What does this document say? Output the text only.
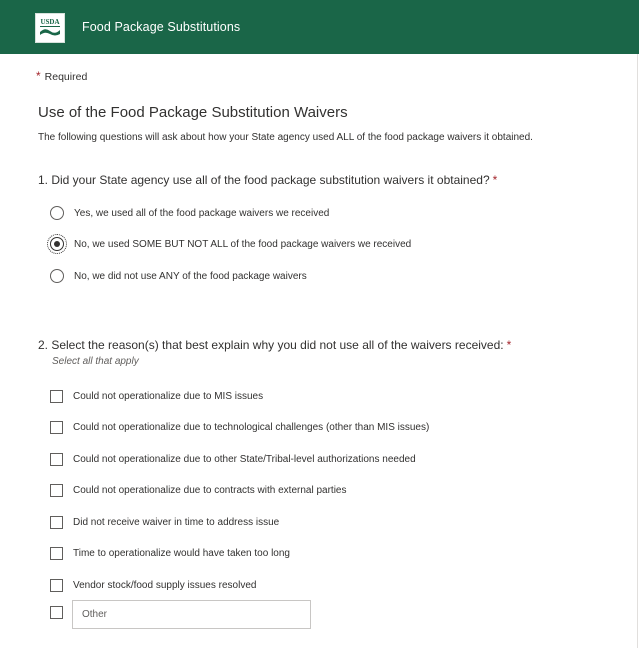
USDA Food Package Substitutions
* Required
Use of the Food Package Substitution Waivers
The following questions will ask about how your State agency used ALL of the food package waivers it obtained.
1. Did your State agency use all of the food package substitution waivers it obtained? *
Yes, we used all of the food package waivers we received
No, we used SOME BUT NOT ALL of the food package waivers we received
No, we did not use ANY of the food package waivers
2. Select the reason(s) that best explain why you did not use all of the waivers received: *
Select all that apply
Could not operationalize due to MIS issues
Could not operationalize due to technological challenges (other than MIS issues)
Could not operationalize due to other State/Tribal-level authorizations needed
Could not operationalize due to contracts with external parties
Did not receive waiver in time to address issue
Time to operationalize would have taken too long
Vendor stock/food supply issues resolved
Other
